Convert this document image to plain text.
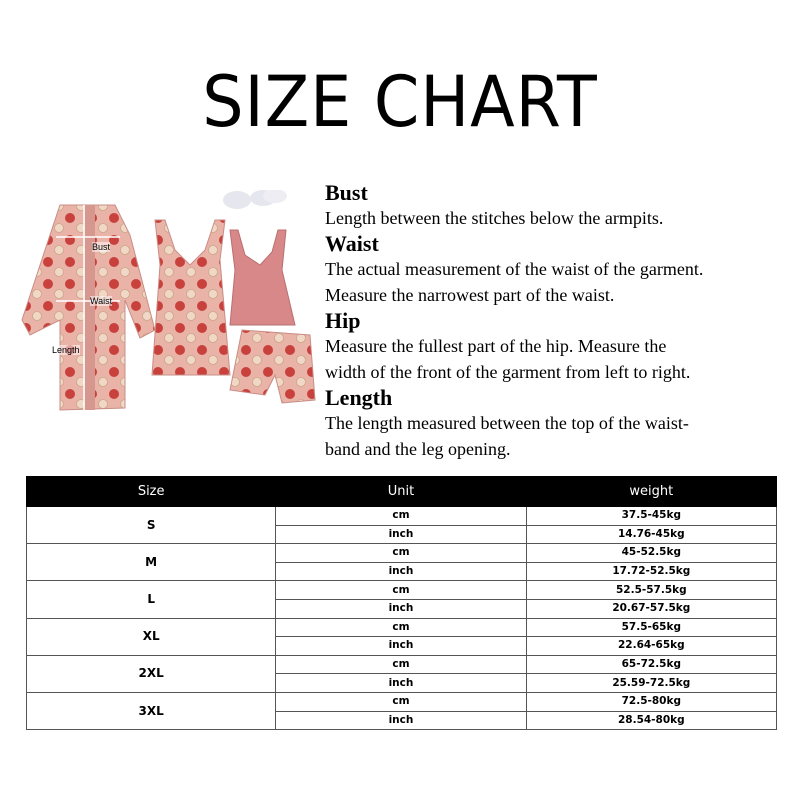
SIZE CHART
Bust
Waist
Length
Bust
Length between the stitches below the armpits.
Waist
The actual measurement of the waist of the garment.
Measure the narrowest part of the waist.
Hip
Measure the fullest part of the hip. Measure the
width of the front of the garment from left to right.
Length
The length measured between the top of the waist-
band and the leg opening.
Size	Unit	weight
S	cm	37.5-45kg
	inch	14.76-45kg
M	cm	45-52.5kg
	inch	17.72-52.5kg
L	cm	52.5-57.5kg
	inch	20.67-57.5kg
XL	cm	57.5-65kg
	inch	22.64-65kg
2XL	cm	65-72.5kg
	inch	25.59-72.5kg
3XL	cm	72.5-80kg
	inch	28.54-80kg
